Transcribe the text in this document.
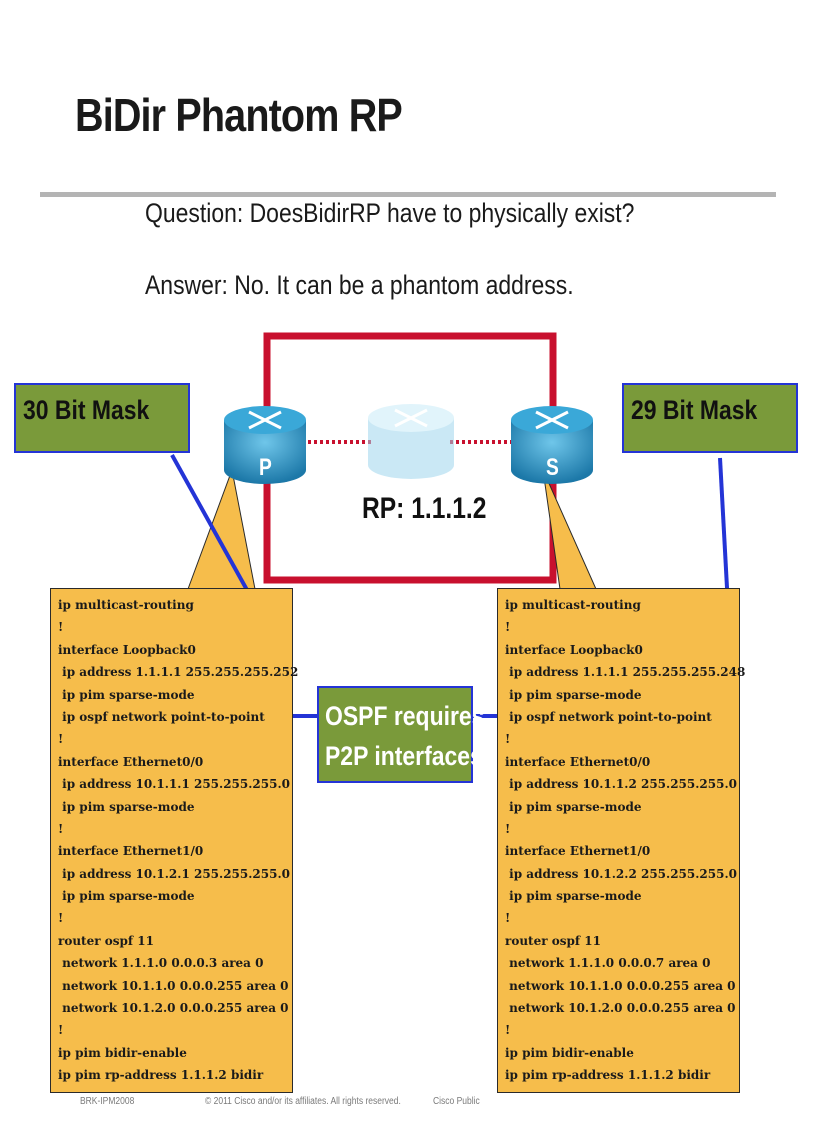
BiDir Phantom RP
Question: DoesBidirRP have to physically exist?
Answer: No. It can be a phantom address.
P	S
RP: 1.1.1.2
30 Bit Mask	29 Bit Mask
ip multicast-routing
!
interface Loopback0
ip address 1.1.1.1 255.255.255.252
ip pim sparse-mode
ip ospf network point-to-point
!
interface Ethernet0/0
ip address 10.1.1.1 255.255.255.0
ip pim sparse-mode
!
interface Ethernet1/0
ip address 10.1.2.1 255.255.255.0
ip pim sparse-mode
!
router ospf 11
network 1.1.1.0 0.0.0.3 area 0
network 10.1.1.0 0.0.0.255 area 0
network 10.1.2.0 0.0.0.255 area 0
!
ip pim bidir-enable
ip pim rp-address 1.1.1.2 bidir
ip multicast-routing
!
interface Loopback0
ip address 1.1.1.1 255.255.255.248
ip pim sparse-mode
ip ospf network point-to-point
!
interface Ethernet0/0
ip address 10.1.1.2 255.255.255.0
ip pim sparse-mode
!
interface Ethernet1/0
ip address 10.1.2.2 255.255.255.0
ip pim sparse-mode
!
router ospf 11
network 1.1.1.0 0.0.0.7 area 0
network 10.1.1.0 0.0.0.255 area 0
network 10.1.2.0 0.0.0.255 area 0
!
ip pim bidir-enable
ip pim rp-address 1.1.1.2 bidir
OSPF requires
P2P interfaces
BRK-IPM2008	© 2011 Cisco and/or its affiliates. All rights reserved.	Cisco Public
